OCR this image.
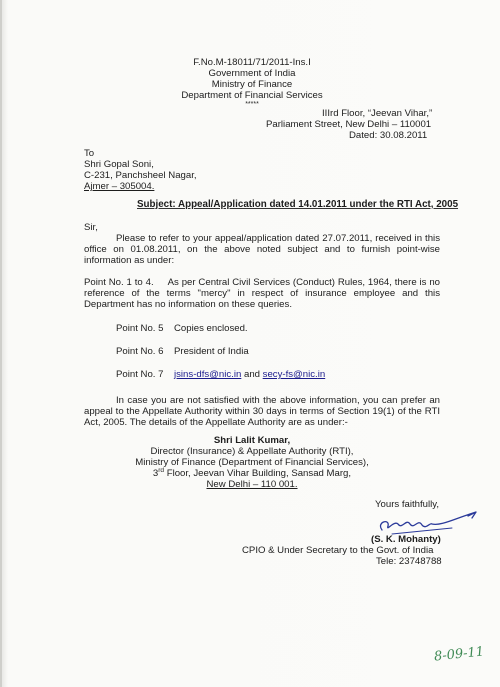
F.No.M-18011/71/2011-Ins.I
Government of India
Ministry of Finance
Department of Financial Services
*****
IIIrd Floor, “Jeevan Vihar,”
Parliament Street, New Delhi – 110001
Dated: 30.08.2011
To
Shri Gopal Soni,
C-231, Panchsheel Nagar,
Ajmer – 305004.
Subject: Appeal/Application dated 14.01.2011 under the RTI Act, 2005
Sir,
Please to refer to your appeal/application dated 27.07.2011, received in this office on 01.08.2011, on the above noted subject and to furnish point-wise information as under:
Point No. 1 to 4. As per Central Civil Services (Conduct) Rules, 1964, there is no reference of the terms "mercy" in respect of insurance employee and this Department has no information on these queries.
Point No. 5 Copies enclosed.
Point No. 6 President of India
Point No. 7 jsins-dfs@nic.in and secy-fs@nic.in
In case you are not satisfied with the above information, you can prefer an appeal to the Appellate Authority within 30 days in terms of Section 19(1) of the RTI Act, 2005. The details of the Appellate Authority are as under:-
Shri Lalit Kumar,
Director (Insurance) & Appellate Authority (RTI),
Ministry of Finance (Department of Financial Services),
3rd Floor, Jeevan Vihar Building, Sansad Marg,
New Delhi – 110 001.
Yours faithfully,
(S. K. Mohanty)
CPIO & Under Secretary to the Govt. of India
Tele: 23748788
8-09-11
